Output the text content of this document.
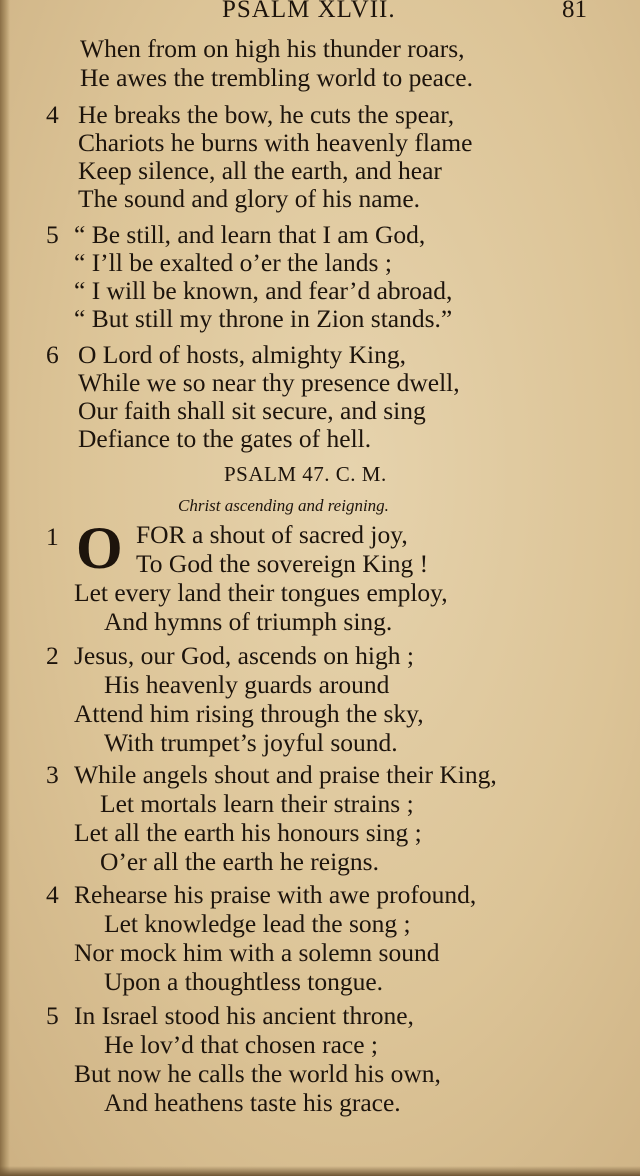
PSALM XLVII.	81
When from on high his thunder roars,
He awes the trembling world to peace.
4 He breaks the bow, he cuts the spear,
Chariots he burns with heavenly flame
Keep silence, all the earth, and hear
The sound and glory of his name.
5 “ Be still, and learn that I am God,
“ I’ll be exalted o’er the lands ;
“ I will be known, and fear’d abroad,
“ But still my throne in Zion stands.”
6 O Lord of hosts, almighty King,
While we so near thy presence dwell,
Our faith shall sit secure, and sing
Defiance to the gates of hell.
PSALM 47. C. M.
Christ ascending and reigning.
1 O FOR a shout of sacred joy,
To God the sovereign King !
Let every land their tongues employ,
And hymns of triumph sing.
2 Jesus, our God, ascends on high ;
His heavenly guards around
Attend him rising through the sky,
With trumpet’s joyful sound.
3 While angels shout and praise their King,
Let mortals learn their strains ;
Let all the earth his honours sing ;
O’er all the earth he reigns.
4 Rehearse his praise with awe profound,
Let knowledge lead the song ;
Nor mock him with a solemn sound
Upon a thoughtless tongue.
5 In Israel stood his ancient throne,
He lov’d that chosen race ;
But now he calls the world his own,
And heathens taste his grace.
